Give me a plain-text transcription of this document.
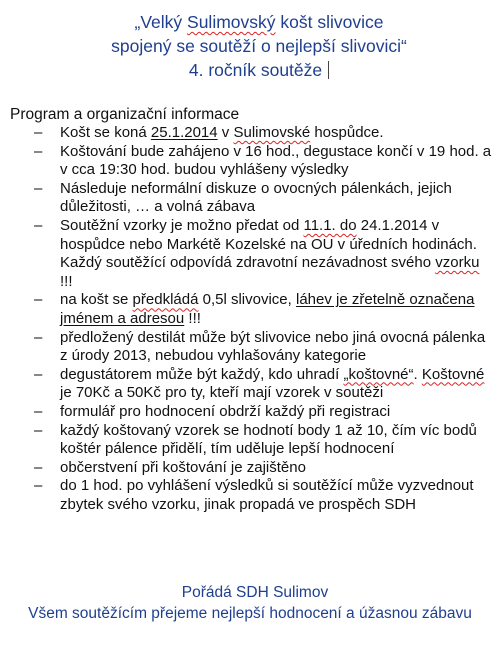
„Velký Sulimovský košt slivovice
spojený se soutěží o nejlepší slivovici“
4. ročník soutěže
Program a organizační informace
– Košt se koná 25.1.2014 v Sulimovské hospůdce.
– Koštování bude zahájeno v 16 hod., degustace končí v 19 hod. a v cca 19:30 hod. budou vyhlášeny výsledky
– Následuje neformální diskuze o ovocných pálenkách, jejich důležitosti, … a volná zábava
– Soutěžní vzorky je možno předat od 11.1. do 24.1.2014 v hospůdce nebo Markétě Kozelské na OU v úředních hodinách. Každý soutěžící odpovídá zdravotní nezávadnost svého vzorku !!!
– na košt se předkládá 0,5l slivovice, láhev je zřetelně označena jménem a adresou !!!
– předložený destilát může být slivovice nebo jiná ovocná pálenka z úrody 2013, nebudou vyhlašovány kategorie
– degustátorem může být každý, kdo uhradí „koštovné“. Koštovné je 70Kč a 50Kč pro ty, kteří mají vzorek v soutěži
– formulář pro hodnocení obdrží každý při registraci
– každý koštovaný vzorek se hodnotí body 1 až 10, čím víc bodů koštér pálence přidělí, tím uděluje lepší hodnocení
– občerstvení při koštování je zajištěno
– do 1 hod. po vyhlášení výsledků si soutěžící může vyzvednout zbytek svého vzorku, jinak propadá ve prospěch SDH
Pořádá SDH Sulimov
Všem soutěžícím přejeme nejlepší hodnocení a úžasnou zábavu
